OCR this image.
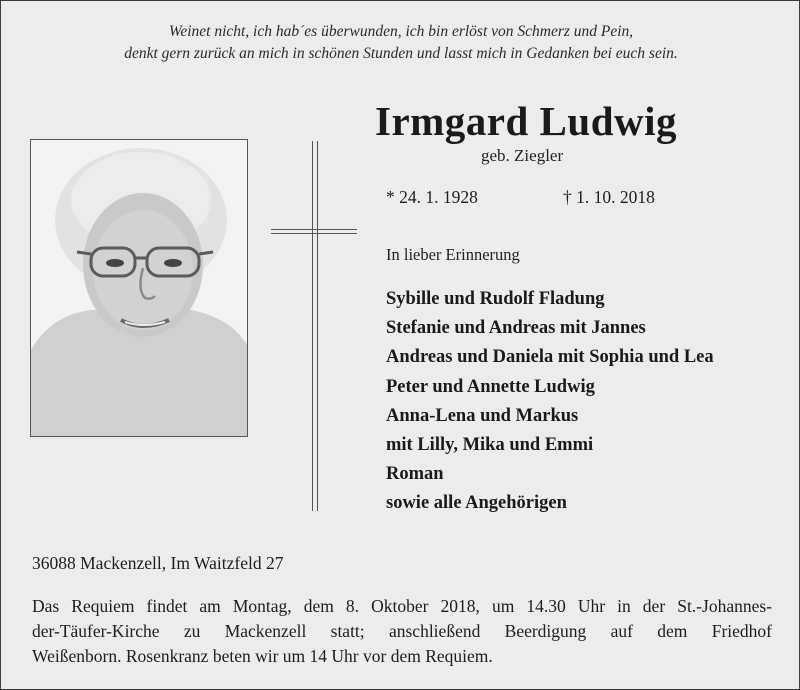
Weinet nicht, ich hab´es überwunden, ich bin erlöst von Schmerz und Pein,
denkt gern zurück an mich in schönen Stunden und lasst mich in Gedanken bei euch sein.
Irmgard Ludwig
geb. Ziegler
* 24. 1. 1928	† 1. 10. 2018
In lieber Erinnerung
Sybille und Rudolf Fladung
Stefanie und Andreas mit Jannes
Andreas und Daniela mit Sophia und Lea
Peter und Annette Ludwig
Anna-Lena und Markus
mit Lilly, Mika und Emmi
Roman
sowie alle Angehörigen
36088 Mackenzell, Im Waitzfeld 27
Das Requiem findet am Montag, dem 8. Oktober 2018, um 14.30 Uhr in der St.-Johannes-
der-Täufer-Kirche zu Mackenzell statt; anschließend Beerdigung auf dem Friedhof
Weißenborn. Rosenkranz beten wir um 14 Uhr vor dem Requiem.
